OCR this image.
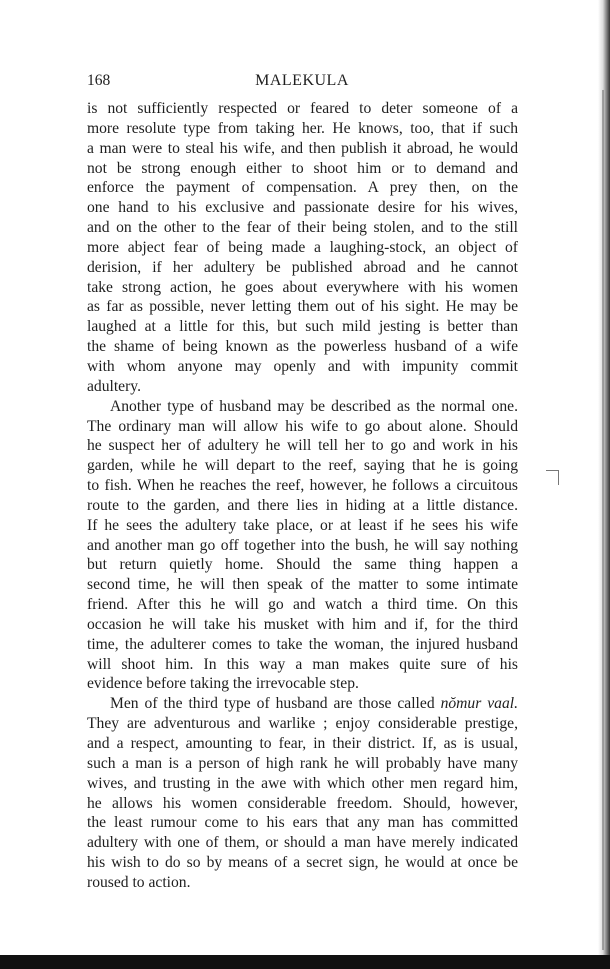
168	MALEKULA
is not sufficiently respected or feared to deter someone of a
more resolute type from taking her. He knows, too, that if such
a man were to steal his wife, and then publish it abroad, he would
not be strong enough either to shoot him or to demand and
enforce the payment of compensation. A prey then, on the
one hand to his exclusive and passionate desire for his wives,
and on the other to the fear of their being stolen, and to the still
more abject fear of being made a laughing-stock, an object of
derision, if her adultery be published abroad and he cannot
take strong action, he goes about everywhere with his women
as far as possible, never letting them out of his sight. He may be
laughed at a little for this, but such mild jesting is better than
the shame of being known as the powerless husband of a wife
with whom anyone may openly and with impunity commit
adultery.
Another type of husband may be described as the normal one.
The ordinary man will allow his wife to go about alone. Should
he suspect her of adultery he will tell her to go and work in his
garden, while he will depart to the reef, saying that he is going
to fish. When he reaches the reef, however, he follows a circuitous
route to the garden, and there lies in hiding at a little distance.
If he sees the adultery take place, or at least if he sees his wife
and another man go off together into the bush, he will say nothing
but return quietly home. Should the same thing happen a
second time, he will then speak of the matter to some intimate
friend. After this he will go and watch a third time. On this
occasion he will take his musket with him and if, for the third
time, the adulterer comes to take the woman, the injured husband
will shoot him. In this way a man makes quite sure of his
evidence before taking the irrevocable step.
Men of the third type of husband are those called nŏmur vaal.
They are adventurous and warlike ; enjoy considerable prestige,
and a respect, amounting to fear, in their district. If, as is usual,
such a man is a person of high rank he will probably have many
wives, and trusting in the awe with which other men regard him,
he allows his women considerable freedom. Should, however,
the least rumour come to his ears that any man has committed
adultery with one of them, or should a man have merely indicated
his wish to do so by means of a secret sign, he would at once be
roused to action.
